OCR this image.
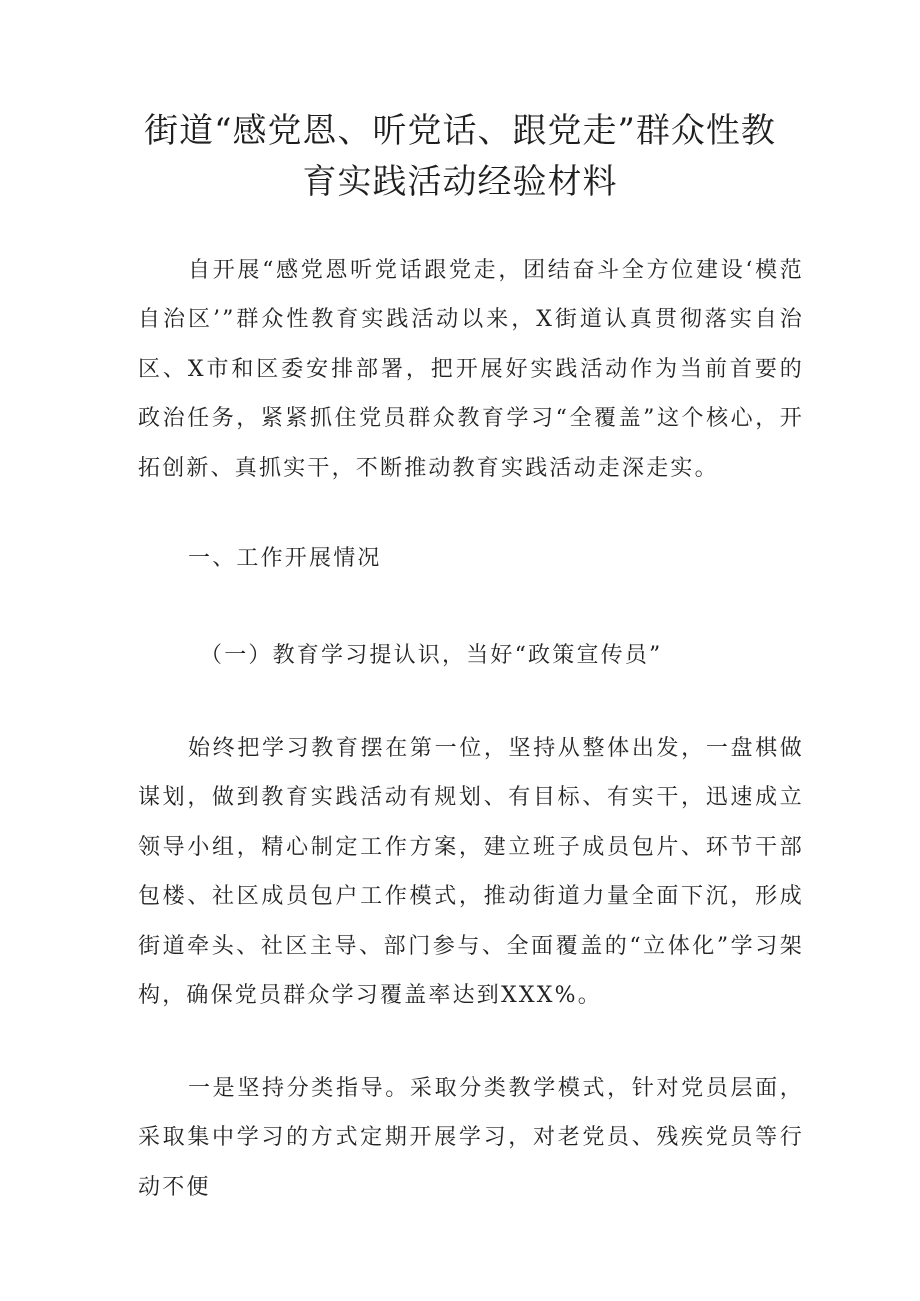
街道“感党恩、听党话、跟党走”群众性教
育实践活动经验材料
自开展“感党恩听党话跟党走，团结奋斗全方位建设‘模范自治区’”群众性教育实践活动以来，X街道认真贯彻落实自治区、X市和区委安排部署，把开展好实践活动作为当前首要的政治任务，紧紧抓住党员群众教育学习“全覆盖”这个核心，开拓创新、真抓实干，不断推动教育实践活动走深走实。
一、工作开展情况
（一）教育学习提认识，当好“政策宣传员”
始终把学习教育摆在第一位，坚持从整体出发，一盘棋做谋划，做到教育实践活动有规划、有目标、有实干，迅速成立领导小组，精心制定工作方案，建立班子成员包片、环节干部包楼、社区成员包户工作模式，推动街道力量全面下沉，形成街道牵头、社区主导、部门参与、全面覆盖的“立体化”学习架构，确保党员群众学习覆盖率达到XXX%。
一是坚持分类指导。采取分类教学模式，针对党员层面，采取集中学习的方式定期开展学习，对老党员、残疾党员等行动不便
